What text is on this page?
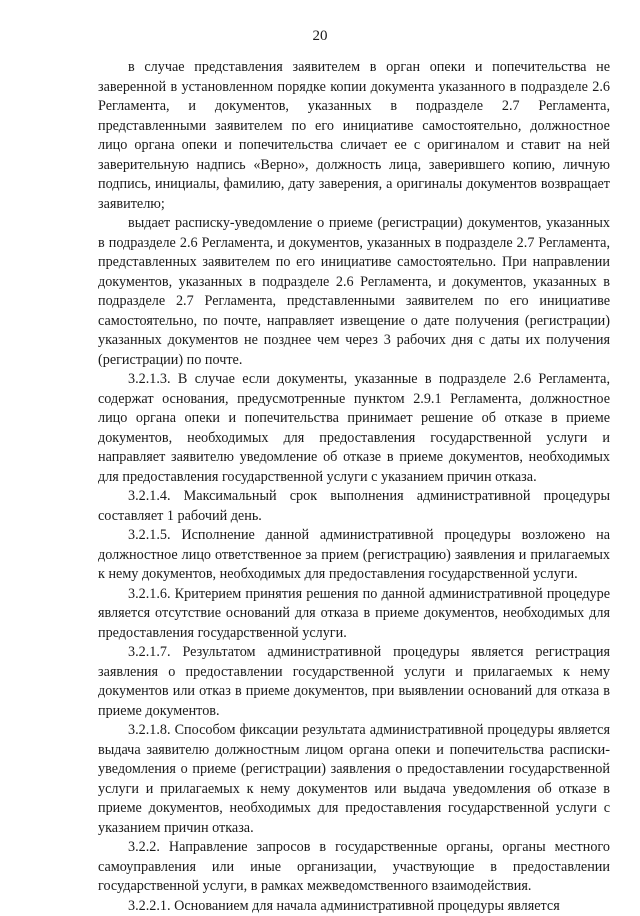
20

в случае представления заявителем в орган опеки и попечительства не заверенной в установленном порядке копии документа указанного в подразделе 2.6 Регламента, и документов, указанных в подразделе 2.7 Регламента, представленными заявителем по его инициативе самостоятельно, должностное лицо органа опеки и попечительства сличает ее с оригиналом и ставит на ней заверительную надпись «Верно», должность лица, заверившего копию, личную подпись, инициалы, фамилию, дату заверения, а оригиналы документов возвращает заявителю;

выдает расписку-уведомление о приеме (регистрации) документов, указанных в подразделе 2.6 Регламента, и документов, указанных в подразделе 2.7 Регламента, представленных заявителем по его инициативе самостоятельно. При направлении документов, указанных в подразделе 2.6 Регламента, и документов, указанных в подразделе 2.7 Регламента, представленными заявителем по его инициативе самостоятельно, по почте, направляет извещение о дате получения (регистрации) указанных документов не позднее чем через 3 рабочих дня с даты их получения (регистрации) по почте.

3.2.1.3. В случае если документы, указанные в подразделе 2.6 Регламента, содержат основания, предусмотренные пунктом 2.9.1 Регламента, должностное лицо органа опеки и попечительства принимает решение об отказе в приеме документов, необходимых для предоставления государственной услуги и направляет заявителю уведомление об отказе в приеме документов, необходимых для предоставления государственной услуги с указанием причин отказа.

3.2.1.4. Максимальный срок выполнения административной процедуры составляет 1 рабочий день.

3.2.1.5. Исполнение данной административной процедуры возложено на должностное лицо ответственное за прием (регистрацию) заявления и прилагаемых к нему документов, необходимых для предоставления государственной услуги.

3.2.1.6. Критерием принятия решения по данной административной процедуре является отсутствие оснований для отказа в приеме документов, необходимых для предоставления государственной услуги.

3.2.1.7. Результатом административной процедуры является регистрация заявления о предоставлении государственной услуги и прилагаемых к нему документов или отказ в приеме документов, при выявлении оснований для отказа в приеме документов.

3.2.1.8. Способом фиксации результата административной процедуры является выдача заявителю должностным лицом органа опеки и попечительства расписки-уведомления о приеме (регистрации) заявления о предоставлении государственной услуги и прилагаемых к нему документов или выдача уведомления об отказе в приеме документов, необходимых для предоставления государственной услуги с указанием причин отказа.

3.2.2. Направление запросов в государственные органы, органы местного самоуправления или иные организации, участвующие в предоставлении государственной услуги, в рамках межведомственного взаимодействия.

3.2.2.1. Основанием для начала административной процедуры является
